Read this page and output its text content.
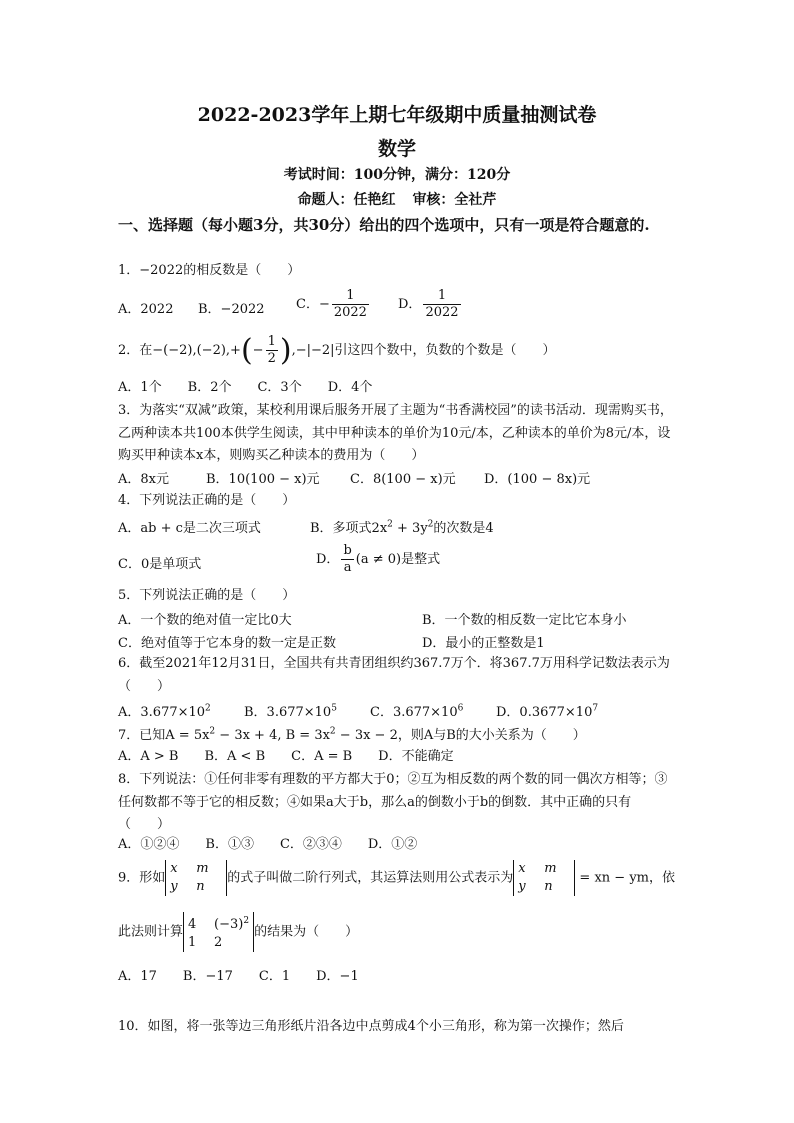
2022-2023学年上期七年级期中质量抽测试卷
数学
考试时间：100分钟，满分：120分
命题人：任艳红 审核：全社芹
一、选择题（每小题3分，共30分）给出的四个选项中，只有一项是符合题意的.
1．−2022的相反数是（　　）
A．2022 B．−2022 C．− $\frac{1}{2022}$ D． $\frac{1}{2022}$
2．在$-(-2),(-2),+(- \frac{1}{2} ),-|-2|$引这四个数中，负数的个数是（　　）
A．1个　　B．2个　　C．3个　　D．4个
3．为落实“双减”政策，某校利用课后服务开展了主题为“书香满校园”的读书活动．现需购买书，乙两种读本共100本供学生阅读，其中甲种读本的单价为10元/本，乙种读本的单价为8元/本，设购买甲种读本x本，则购买乙种读本的费用为（　　）
A．8x元	B．10(100 − x)元 C．8(100 − x)元 D．(100 − 8x)元
4．下列说法正确的是（　　）
A．ab + c是二次三项式	B．多项式$2x^2 + 3y^2$的次数是4
C．0是单项式	D． $\frac{b}{a} (a \ne 0)$是整式
5．下列说法正确的是（　　）
A．一个数的绝对值一定比0大	B．一个数的相反数一定比它本身小
C．绝对值等于它本身的数一定是正数	D．最小的正整数是1
6．截至2021年12月31日，全国共有共青团组织约367.7万个．将367.7万用科学记数法表示为（　　）
A．$3.677\times 10^2$	B．$3.677\times 10^5$	C．$3.677\times 10^6$	D．$0.3677\times 10^7$
7．已知$A = 5x^2 - 3x + 4$, $B = 3x^2 - 3x - 2$，则A与B的大小关系为（　　）
A．A > B　　B．A < B　　C．A = B　　D．不能确定
8．下列说法：①任何非零有理数的平方都大于0；②互为相反数的两个数的同一偶次方相等；③任何数都不等于它的相反数；④如果a大于b，那么a的倒数小于b的倒数．其中正确的只有（　　）
A．①②④　　B．①③　　C．②③④　　D．①②
9．形如
x m
y n
的式子叫做二阶行列式，其运算法则用公式表示为
x m
y n
= xn − ym，依
此法则计算 4 $(-3)^2$
1 2
的结果为（　　）
A．17　　B．−17　　C．1　　D．−1
10．如图，将一张等边三角形纸片沿各边中点剪成4个小三角形，称为第一次操作；然后
